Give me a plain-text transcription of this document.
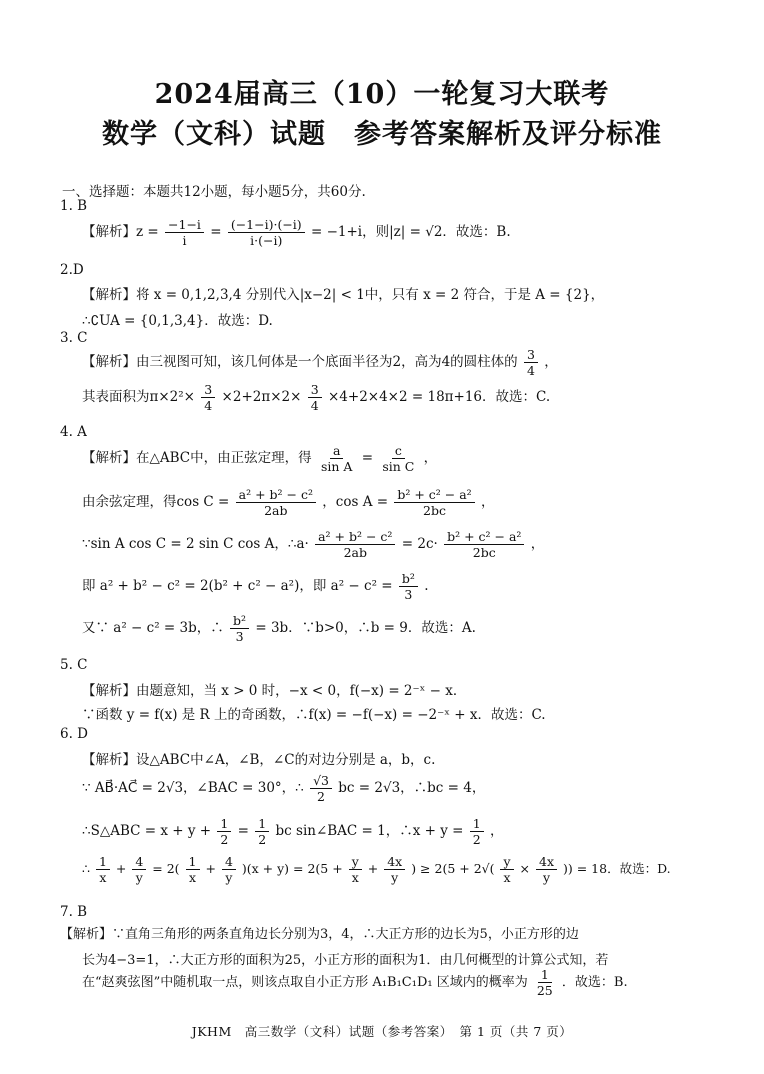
2024届高三（10）一轮复习大联考
数学（文科）试题　参考答案解析及评分标准
一、选择题：本题共12小题，每小题5分，共60分.
1. B
【解析】$z = \frac{-1-i}{i} = \frac{(-1-i)\cdot(-i)}{i\cdot(-i)} = -1+i$，则|z| = √2．故选：B.
2.D
【解析】将 x = 0,1,2,3,4 分别代入|x−2| < 1中，只有 x = 2 符合，于是 A = {2}，
∴∁UA = {0,1,3,4}．故选：D.
3. C
【解析】由三视图可知，该几何体是一个底面半径为2，高为4的圆柱体的 $\frac{3}{4}$ ，
其表面积为$\pi\times 2^2\times \frac{3}{4} \times 2+2\pi\times 2\times \frac{3}{4} \times 4+2\times 4\times 2 = 18\pi+16$．故选：C.
4. A
【解析】在△ABC中，由正弦定理，得 $\frac{a}{\text{sin A}} = \frac{c}{\text{sin C}}$ ，
由余弦定理，得$\cos C = \frac{\text{a² + b² − c²}}{2ab}$ ，$\cos A = \frac{\text{b² + c² − a²}}{2bc}$ ，
∵sin A cos C = 2 sin C cos A，∴a· $\frac{\text{a² + b² − c²}}{2ab} = 2c\cdot \frac{\text{b² + c² − a²}}{2bc}$ ，
即 a² + b² − c² = 2(b² + c² − a²)，即 $a^2 - c^2 = \frac{\text{b²}}{3}$ .
又∵ a² − c² = 3b，∴ $\frac{\text{b²}}{3} = 3b$．∵b>0，∴b = 9．故选：A.
5. C
【解析】由题意知，当 x > 0 时，−x < 0，f(−x) = 2⁻ˣ − x．
∵函数 y = f(x) 是 R 上的奇函数，∴f(x) = −f(−x) = −2⁻ˣ + x．故选：C.
6. D
【解析】设△ABC中∠A，∠B，∠C的对边分别是 a，b，c.
∵ AB⃗·AC⃗ = 2√3，∠BAC = 30°，∴ $\frac{√3}{2}$ bc = 2√3，∴bc = 4，
∴S△ABC = $x + y + \frac{1}{2} = \frac{1}{2}$ bc sin∠BAC = 1，∴x + $y = \frac{1}{2}$ ，
∴ $\frac{1}{x} + \frac{4}{y} = 2( \frac{1}{x} + \frac{4}{y} )(x + y) = 2(5 + \frac{y}{x} + \frac{4x}{y}$ ) ≥ $2(5 + 2√( \frac{y}{x} \times \frac{4x}{y}$ )) = 18．故选：D.
7. B
【解析】∵直角三角形的两条直角边长分别为3，4，∴大正方形的边长为5，小正方形的边
长为4−3=1，∴大正方形的面积为25，小正方形的面积为1．由几何概型的计算公式知，若
在“赵爽弦图”中随机取一点，则该点取自小正方形 A₁B₁C₁D₁ 区域内的概率为 $\frac{1}{25}$ ．故选：B.
JKHM　高三数学（文科）试题（参考答案）　第 1 页（共 7 页）
